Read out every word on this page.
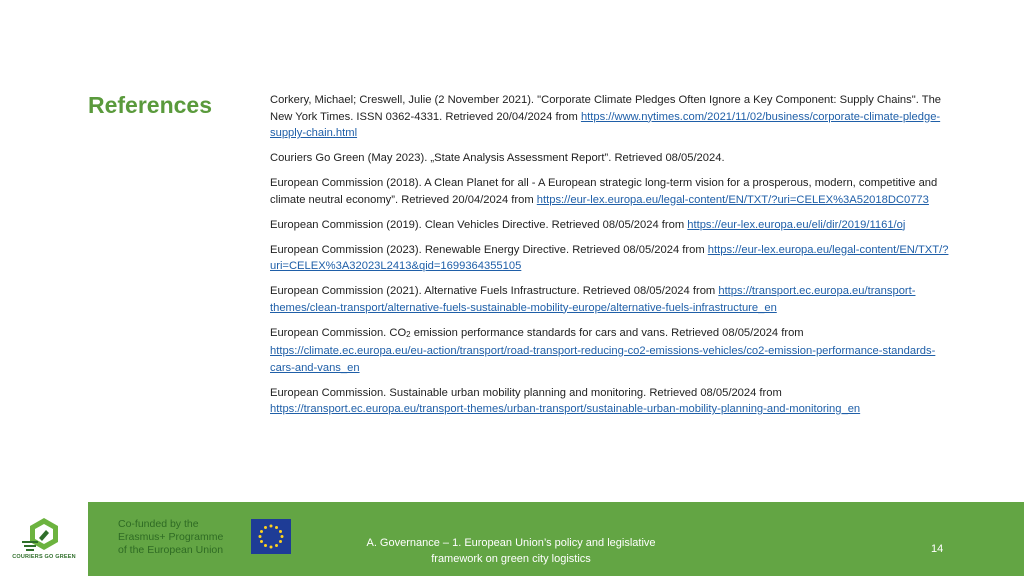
References	Corkery, Michael; Creswell, Julie (2 November 2021). "Corporate Climate Pledges Often Ignore a Key Component: Supply Chains". The New York Times. ISSN 0362-4331. Retrieved 20/04/2024 from https://www.nytimes.com/2021/11/02/business/corporate-climate-pledge-supply-chain.html

Couriers Go Green (May 2023). „State Analysis Assessment Report”. Retrieved 08/05/2024.

European Commission (2018). A Clean Planet for all - A European strategic long-term vision for a prosperous, modern, competitive and climate neutral economy”. Retrieved 20/04/2024 from https://eur-lex.europa.eu/legal-content/EN/TXT/?uri=CELEX%3A52018DC0773

European Commission (2019). Clean Vehicles Directive. Retrieved 08/05/2024 from https://eur-lex.europa.eu/eli/dir/2019/1161/oj

European Commission (2023). Renewable Energy Directive. Retrieved 08/05/2024 from https://eur-lex.europa.eu/legal-content/EN/TXT/?uri=CELEX%3A32023L2413&qid=1699364355105

European Commission (2021). Alternative Fuels Infrastructure. Retrieved 08/05/2024 from https://transport.ec.europa.eu/transport-themes/clean-transport/alternative-fuels-sustainable-mobility-europe/alternative-fuels-infrastructure_en

European Commission. CO2 emission performance standards for cars and vans. Retrieved 08/05/2024 from https://climate.ec.europa.eu/eu-action/transport/road-transport-reducing-co2-emissions-vehicles/co2-emission-performance-standards-cars-and-vans_en

European Commission. Sustainable urban mobility planning and monitoring. Retrieved 08/05/2024 from https://transport.ec.europa.eu/transport-themes/urban-transport/sustainable-urban-mobility-planning-and-monitoring_en

COURIERS GO GREEN
Co-funded by the
Erasmus+ Programme
of the European Union
A. Governance – 1. European Union’s policy and legislative framework on green city logistics
14
